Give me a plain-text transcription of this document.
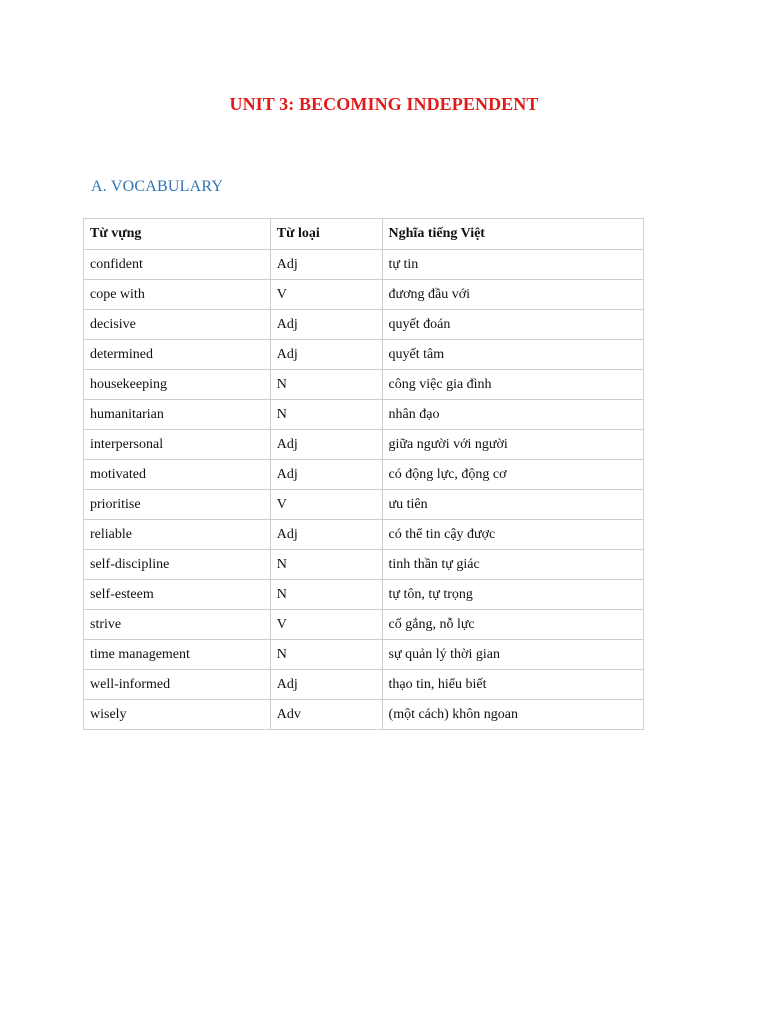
UNIT 3: BECOMING INDEPENDENT
A. VOCABULARY
Từ vựng	Từ loại	Nghĩa tiếng Việt
confident	Adj	tự tin
cope with	V	đương đầu với
decisive	Adj	quyết đoán
determined	Adj	quyết tâm
housekeeping	N	công việc gia đình
humanitarian	N	nhân đạo
interpersonal	Adj	giữa người với người
motivated	Adj	có động lực, động cơ
prioritise	V	ưu tiên
reliable	Adj	có thể tin cậy được
self-discipline	N	tinh thần tự giác
self-esteem	N	tự tôn, tự trọng
strive	V	cố gắng, nỗ lực
time management	N	sự quản lý thời gian
well-informed	Adj	thạo tin, hiểu biết
wisely	Adv	(một cách) khôn ngoan
